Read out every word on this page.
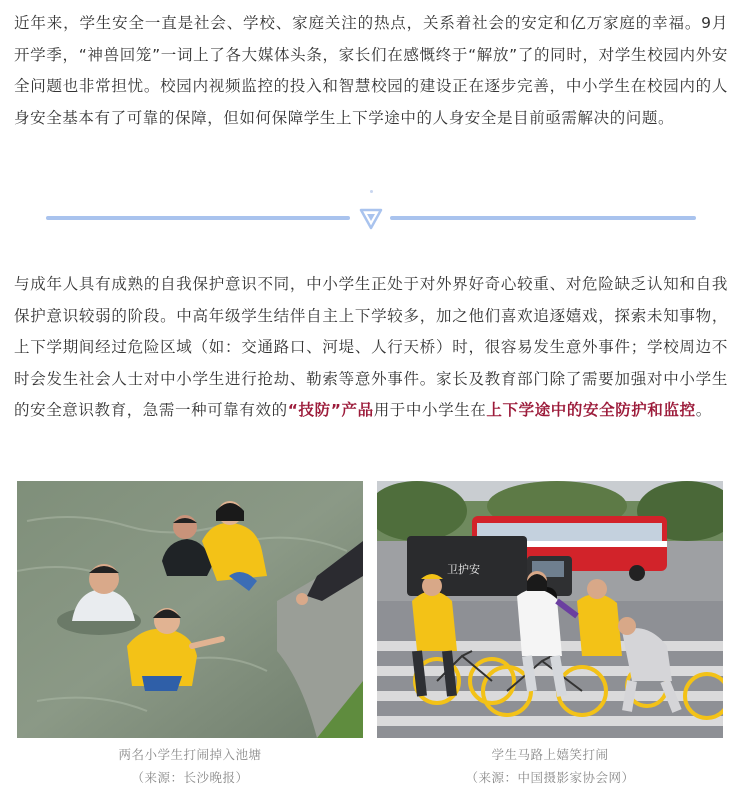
近年来，学生安全一直是社会、学校、家庭关注的热点，关系着社会的安定和亿万家庭的幸福。9月开学季，“神兽回笼”一词上了各大媒体头条，家长们在感慨终于“解放”了的同时，对学生校园内外安全问题也非常担忧。校园内视频监控的投入和智慧校园的建设正在逐步完善，中小学生在校园内的人身安全基本有了可靠的保障，但如何保障学生上下学途中的人身安全是目前亟需解决的问题。

与成年人具有成熟的自我保护意识不同，中小学生正处于对外界好奇心较重、对危险缺乏认知和自我保护意识较弱的阶段。中高年级学生结伴自主上下学较多，加之他们喜欢追逐嬉戏，探索未知事物，上下学期间经过危险区域（如：交通路口、河堤、人行天桥）时，很容易发生意外事件；学校周边不时会发生社会人士对中小学生进行抢劫、勒索等意外事件。家长及教育部门除了需要加强对中小学生的安全意识教育，急需一种可靠有效的“技防”产品用于中小学生在上下学途中的安全防护和监控。

卫护安
两名小学生打闹掉入池塘
（来源：长沙晚报）
学生马路上嬉笑打闹
（来源：中国摄影家协会网）
